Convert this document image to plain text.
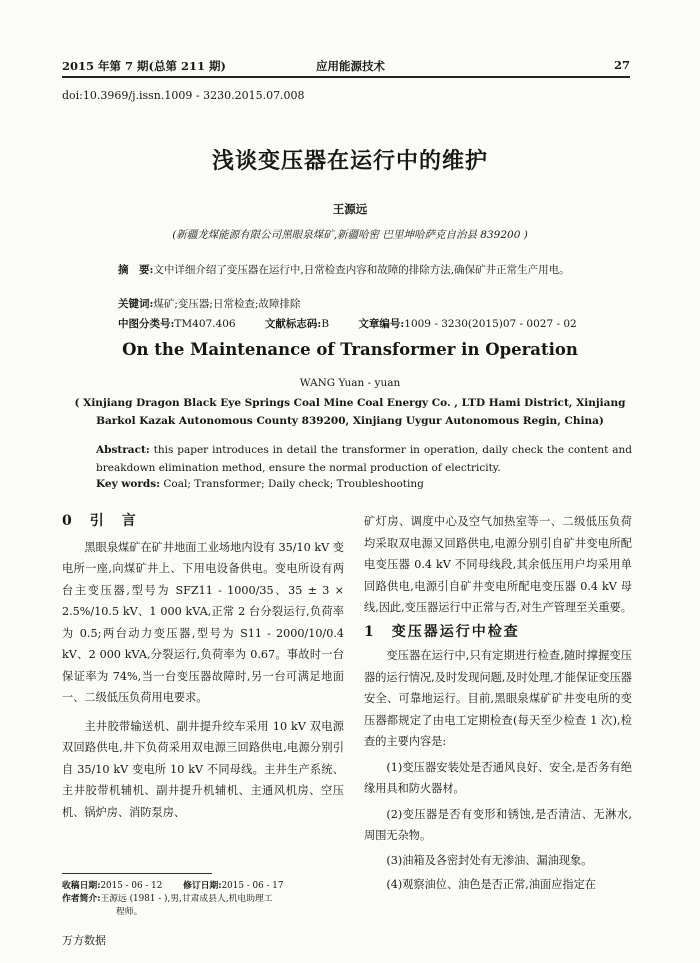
2015 年第 7 期(总第 211 期)	应用能源技术	27
doi:10.3969/j.issn.1009 - 3230.2015.07.008
浅谈变压器在运行中的维护
王源远
(新疆龙煤能源有限公司黑眼泉煤矿,新疆哈密 巴里坤哈萨克自治县 839200 )
摘　要:文中详细介绍了变压器在运行中,日常检查内容和故障的排除方法,确保矿井正常生产用电。
关键词:煤矿;变压器;日常检查;故障排除
中图分类号:TM407.406	文献标志码:B	文章编号:1009 - 3230(2015)07 - 0027 - 02
On the Maintenance of Transformer in Operation
WANG Yuan - yuan
( Xinjiang Dragon Black Eye Springs Coal Mine Coal Energy Co. , LTD Hami District, Xinjiang Barkol Kazak Autonomous County 839200, Xinjiang Uygur Autonomous Regin, China)
Abstract: this paper introduces in detail the transformer in operation, daily check the content and breakdown elimination method, ensure the normal production of electricity.
Key words: Coal; Transformer; Daily check; Troubleshooting
0 引　言

黑眼泉煤矿在矿井地面工业场地内设有 35/10 kV 变电所一座,向煤矿井上、下用电设备供电。变电所设有两台主变压器,型号为 SFZ11 - 1000/35、35 ± 3 × 2.5%/10.5 kV、1 000 kVA,正常 2 台分裂运行,负荷率为 0.5;两台动力变压器,型号为 S11 - 2000/10/0.4 kV、2 000 kVA,分裂运行,负荷率为 0.67。事故时一台保证率为 74%,当一台变压器故障时,另一台可满足地面一、二级低压负荷用电要求。

主井胶带输送机、副井提升绞车采用 10 kV 双电源双回路供电,井下负荷采用双电源三回路供电,电源分别引自 35/10 kV 变电所 10 kV 不同母线。主井生产系统、主井胶带机辅机、副井提升机辅机、主通风机房、空压机、锅炉房、消防泵房、

矿灯房、调度中心及空气加热室等一、二级低压负荷均采取双电源又回路供电,电源分别引自矿井变电所配电变压器 0.4 kV 不同母线段,其余低压用户均采用单回路供电,电源引自矿井变电所配电变压器 0.4 kV 母线,因此,变压器运行中正常与否,对生产管理至关重要。

1 变压器运行中检查

变压器在运行中,只有定期进行检查,随时撑握变压器的运行情况,及时发现问题,及时处理,才能保证变压器安全、可靠地运行。目前,黑眼泉煤矿矿井变电所的变压器都规定了由电工定期检查(每天至少检查 1 次),检查的主要内容是:

(1)变压器安装处是否通风良好、安全,是否务有绝缘用具和防火器材。

(2)变压器是否有变形和锈蚀,是否清洁、无淋水,周围无杂物。

(3)油箱及各密封处有无渗油、漏油现象。

(4)观察油位、油色是否正常,油面应指定在

收稿日期:2015 - 06 - 12 修订日期:2015 - 06 - 17
作者简介:王源远 (1981 - ),男,甘肃成县人,机电助理工
程师。
万方数据
